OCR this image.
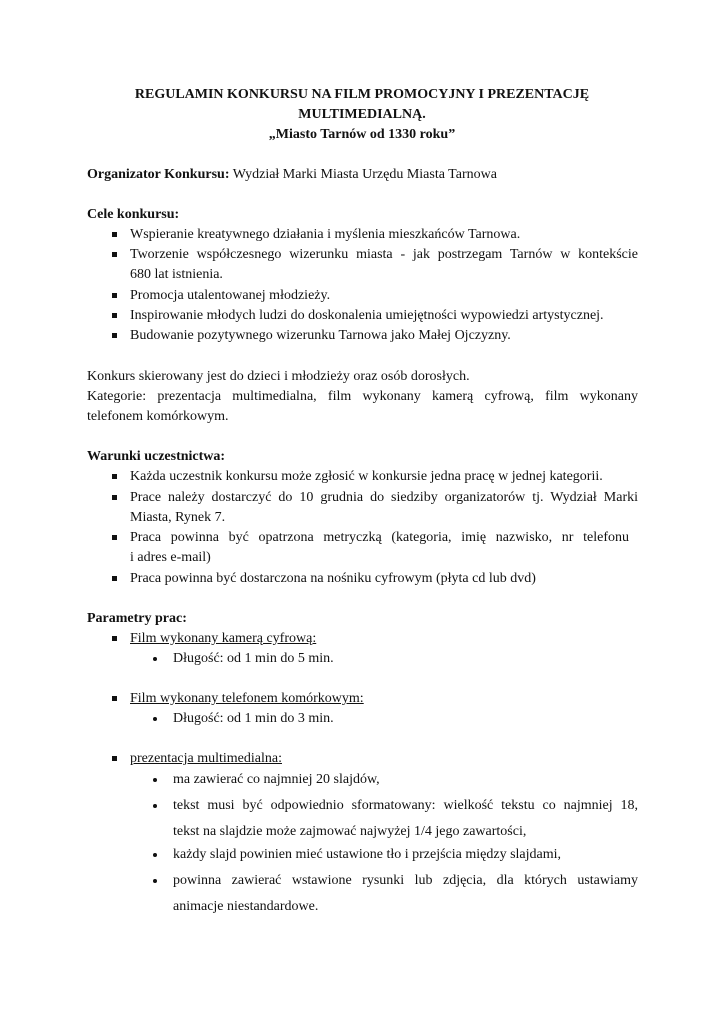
REGULAMIN KONKURSU NA FILM PROMOCYJNY I PREZENTACJĘ
MULTIMEDIALNĄ.
„Miasto Tarnów od 1330 roku”
Organizator Konkursu: Wydział Marki Miasta Urzędu Miasta Tarnowa
Cele konkursu:
Wspieranie kreatywnego działania i myślenia mieszkańców Tarnowa.
Tworzenie współczesnego wizerunku miasta - jak postrzegam Tarnów w kontekście
680 lat istnienia.
Promocja utalentowanej młodzieży.
Inspirowanie młodych ludzi do doskonalenia umiejętności wypowiedzi artystycznej.
Budowanie pozytywnego wizerunku Tarnowa jako Małej Ojczyzny.
Konkurs skierowany jest do dzieci i młodzieży oraz osób dorosłych.
Kategorie: prezentacja multimedialna, film wykonany kamerą cyfrową, film wykonany
telefonem komórkowym.
Warunki uczestnictwa:
Każda uczestnik konkursu może zgłosić w konkursie jedna pracę w jednej kategorii.
Prace należy dostarczyć do 10 grudnia do siedziby organizatorów tj. Wydział Marki
Miasta, Rynek 7.
Praca powinna być opatrzona metryczką (kategoria, imię nazwisko, nr telefonu
i adres e-mail)
Praca powinna być dostarczona na nośniku cyfrowym (płyta cd lub dvd)
Parametry prac:
Film wykonany kamerą cyfrową:
Długość: od 1 min do 5 min.
Film wykonany telefonem komórkowym:
Długość: od 1 min do 3 min.
prezentacja multimedialna:
ma zawierać co najmniej 20 slajdów,
tekst musi być odpowiednio sformatowany: wielkość tekstu co najmniej 18,
tekst na slajdzie może zajmować najwyżej 1/4 jego zawartości,
każdy slajd powinien mieć ustawione tło i przejścia między slajdami,
powinna zawierać wstawione rysunki lub zdjęcia, dla których ustawiamy
animacje niestandardowe.
